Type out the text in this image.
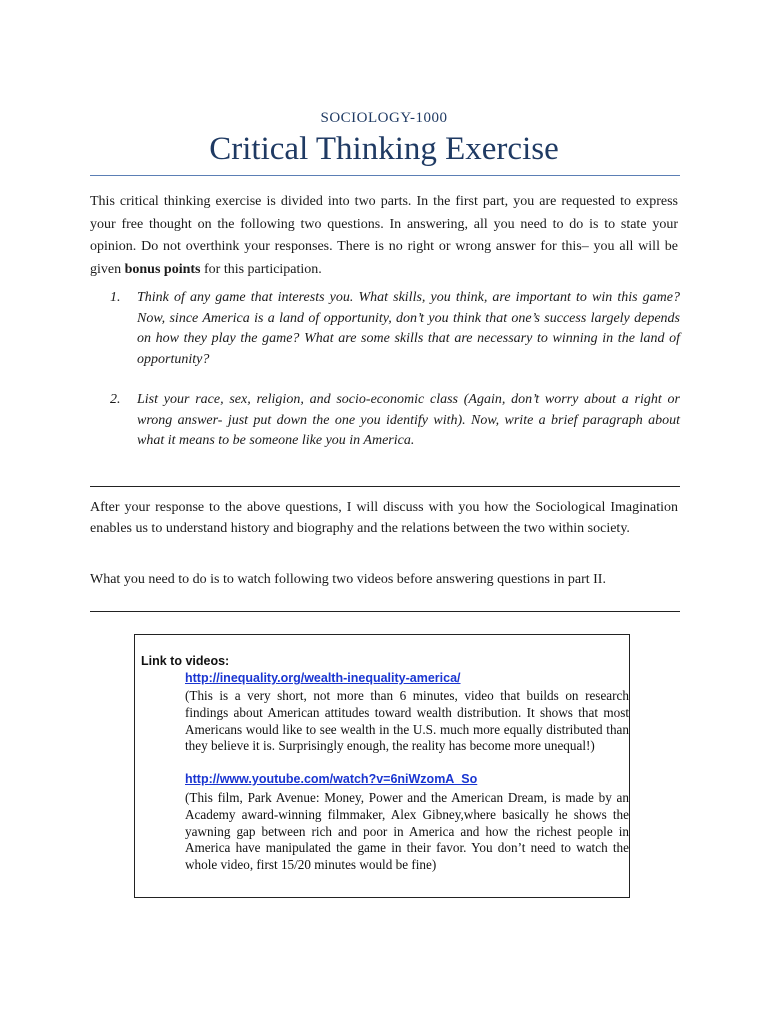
SOCIOLOGY-1000
Critical Thinking Exercise
This critical thinking exercise is divided into two parts. In the first part, you are requested to express your free thought on the following two questions. In answering, all you need to do is to state your opinion. Do not overthink your responses. There is no right or wrong answer for this– you all will be given bonus points for this participation.
1. Think of any game that interests you. What skills, you think, are important to win this game? Now, since America is a land of opportunity, don’t you think that one’s success largely depends on how they play the game? What are some skills that are necessary to winning in the land of opportunity?
2. List your race, sex, religion, and socio-economic class (Again, don’t worry about a right or wrong answer- just put down the one you identify with). Now, write a brief paragraph about what it means to be someone like you in America.
After your response to the above questions, I will discuss with you how the Sociological Imagination enables us to understand history and biography and the relations between the two within society.
What you need to do is to watch following two videos before answering questions in part II.
Link to videos:
http://inequality.org/wealth-inequality-america/
(This is a very short, not more than 6 minutes, video that builds on research findings about American attitudes toward wealth distribution. It shows that most Americans would like to see wealth in the U.S. much more equally distributed than they believe it is. Surprisingly enough, the reality has become more unequal!)
http://www.youtube.com/watch?v=6niWzomA_So
(This film, Park Avenue: Money, Power and the American Dream, is made by an Academy award-winning filmmaker, Alex Gibney,where basically he shows the yawning gap between rich and poor in America and how the richest people in America have manipulated the game in their favor. You don’t need to watch the whole video, first 15/20 minutes would be fine)
